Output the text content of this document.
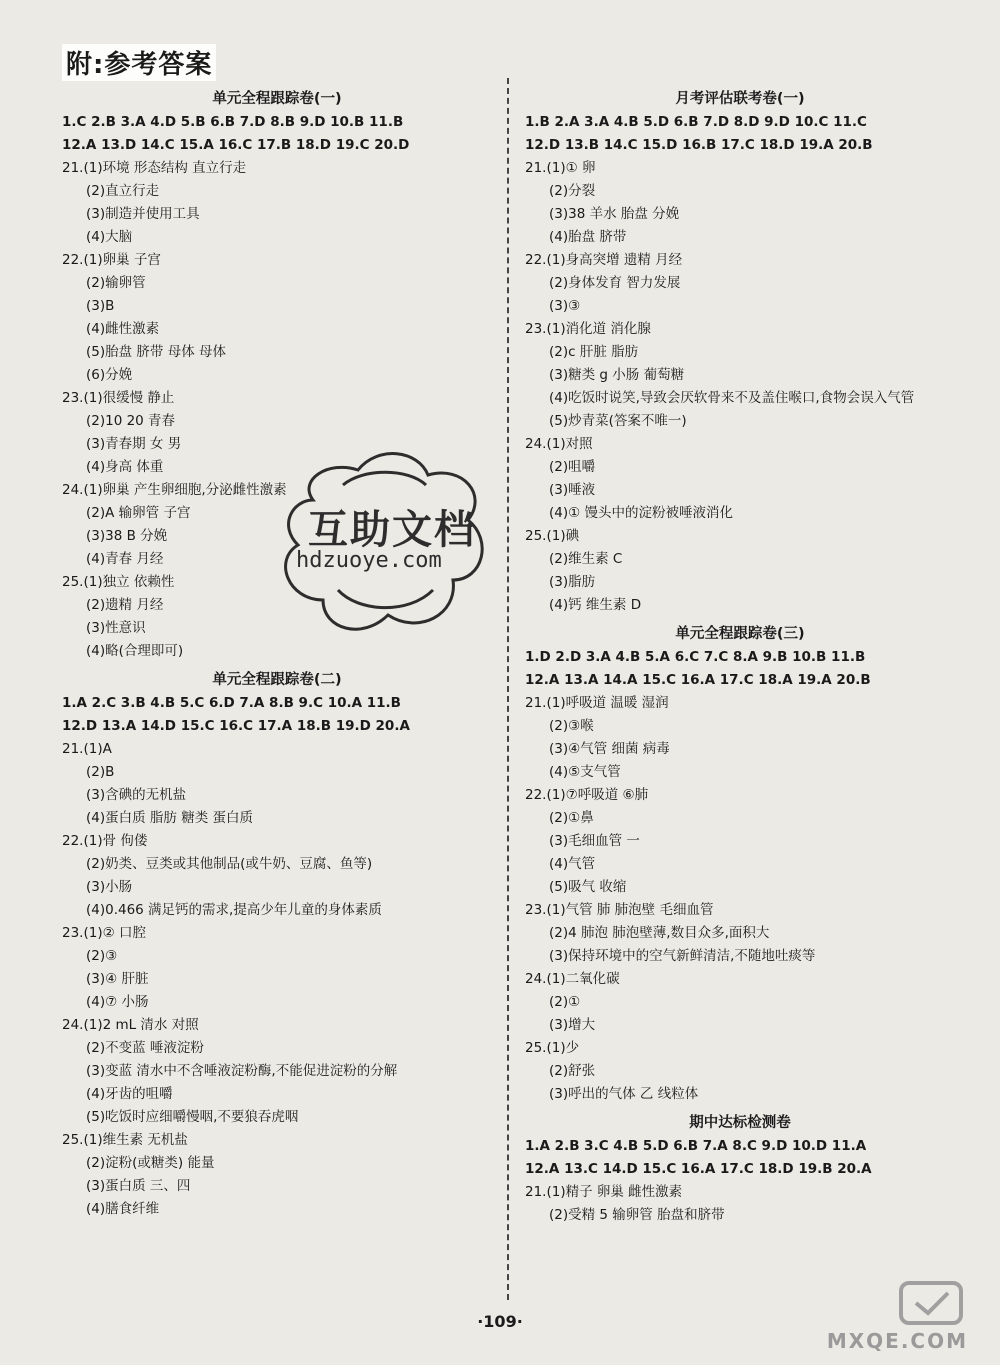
附:参考答案
单元全程跟踪卷(一)
1.C 2.B 3.A 4.D 5.B 6.B 7.D 8.B 9.D 10.B 11.B
12.A 13.D 14.C 15.A 16.C 17.B 18.D 19.C 20.D
21.(1)环境 形态结构 直立行走
(2)直立行走
(3)制造并使用工具
(4)大脑
22.(1)卵巢 子宫
(2)输卵管
(3)B
(4)雌性激素
(5)胎盘 脐带 母体 母体
(6)分娩
23.(1)很缓慢 静止
(2)10 20 青春
(3)青春期 女 男
(4)身高 体重
24.(1)卵巢 产生卵细胞,分泌雌性激素
(2)A 输卵管 子宫
(3)38 B 分娩
(4)青春 月经
25.(1)独立 依赖性
(2)遗精 月经
(3)性意识
(4)略(合理即可)
单元全程跟踪卷(二)
1.A 2.C 3.B 4.B 5.C 6.D 7.A 8.B 9.C 10.A 11.B
12.D 13.A 14.D 15.C 16.C 17.A 18.B 19.D 20.A
21.(1)A
(2)B
(3)含碘的无机盐
(4)蛋白质 脂肪 糖类 蛋白质
22.(1)骨 佝偻
(2)奶类、豆类或其他制品(或牛奶、豆腐、鱼等)
(3)小肠
(4)0.466 满足钙的需求,提高少年儿童的身体素质
23.(1)② 口腔
(2)③
(3)④ 肝脏
(4)⑦ 小肠
24.(1)2 mL 清水 对照
(2)不变蓝 唾液淀粉
(3)变蓝 清水中不含唾液淀粉酶,不能促进淀粉的分解
(4)牙齿的咀嚼
(5)吃饭时应细嚼慢咽,不要狼吞虎咽
25.(1)维生素 无机盐
(2)淀粉(或糖类) 能量
(3)蛋白质 三、四
(4)膳食纤维
月考评估联考卷(一)
1.B 2.A 3.A 4.B 5.D 6.B 7.D 8.D 9.D 10.C 11.C
12.D 13.B 14.C 15.D 16.B 17.C 18.D 19.A 20.B
21.(1)① 卵
(2)分裂
(3)38 羊水 胎盘 分娩
(4)胎盘 脐带
22.(1)身高突增 遗精 月经
(2)身体发育 智力发展
(3)③
23.(1)消化道 消化腺
(2)c 肝脏 脂肪
(3)糖类 g 小肠 葡萄糖
(4)吃饭时说笑,导致会厌软骨来不及盖住喉口,食物会误入气管
(5)炒青菜(答案不唯一)
24.(1)对照
(2)咀嚼
(3)唾液
(4)① 馒头中的淀粉被唾液消化
25.(1)碘
(2)维生素 C
(3)脂肪
(4)钙 维生素 D
单元全程跟踪卷(三)
1.D 2.D 3.A 4.B 5.A 6.C 7.C 8.A 9.B 10.B 11.B
12.A 13.A 14.A 15.C 16.A 17.C 18.A 19.A 20.B
21.(1)呼吸道 温暖 湿润
(2)③喉
(3)④气管 细菌 病毒
(4)⑤支气管
22.(1)⑦呼吸道 ⑥肺
(2)①鼻
(3)毛细血管 一
(4)气管
(5)吸气 收缩
23.(1)气管 肺 肺泡壁 毛细血管
(2)4 肺泡 肺泡壁薄,数目众多,面积大
(3)保持环境中的空气新鲜清洁,不随地吐痰等
24.(1)二氧化碳
(2)①
(3)增大
25.(1)少
(2)舒张
(3)呼出的气体 乙 线粒体
期中达标检测卷
1.A 2.B 3.C 4.B 5.D 6.B 7.A 8.C 9.D 10.D 11.A
12.A 13.C 14.D 15.C 16.A 17.C 18.D 19.B 20.A
21.(1)精子 卵巢 雌性激素
(2)受精 5 输卵管 胎盘和脐带
互助文档
hdzuoye.com
·109·
MXQE.COM
